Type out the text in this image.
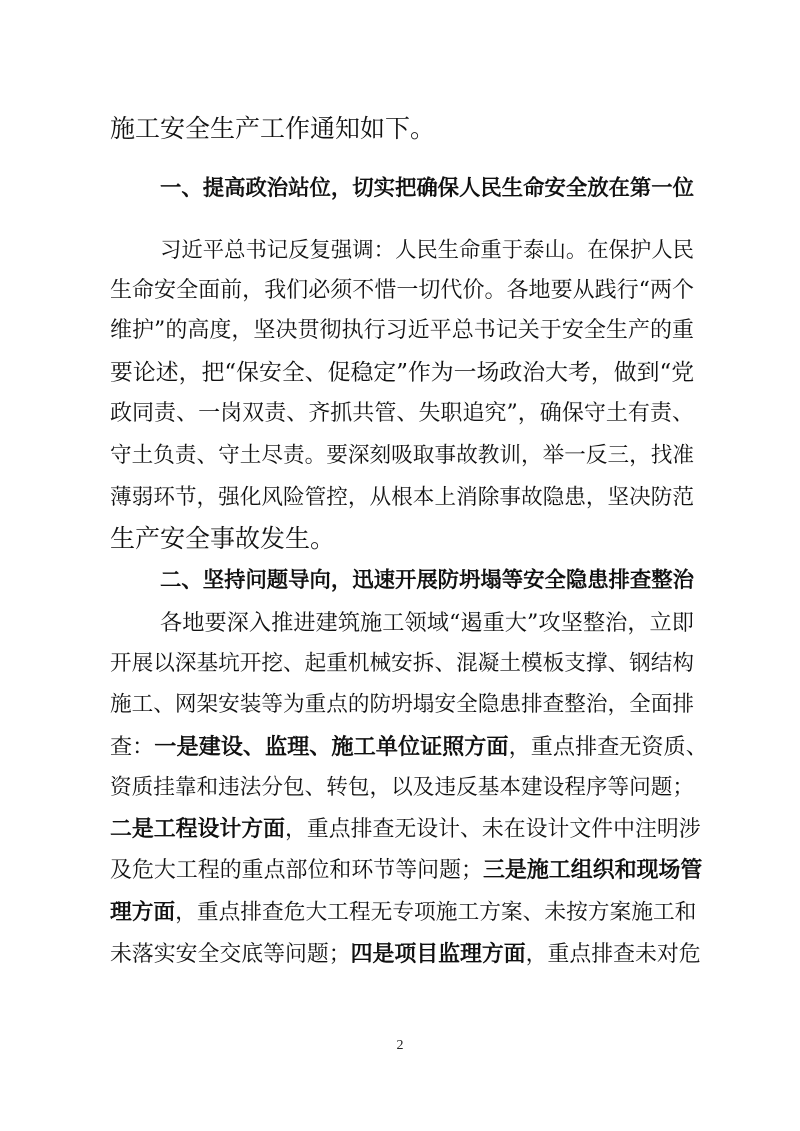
施工安全生产工作通知如下。
一、提高政治站位，切实把确保人民生命安全放在第一位
习近平总书记反复强调：人民生命重于泰山。在保护人民
生命安全面前，我们必须不惜一切代价。各地要从践行“两个
维护”的高度，坚决贯彻执行习近平总书记关于安全生产的重
要论述，把“保安全、促稳定”作为一场政治大考，做到“党
政同责、一岗双责、齐抓共管、失职追究”，确保守土有责、
守土负责、守土尽责。要深刻吸取事故教训，举一反三，找准
薄弱环节，强化风险管控，从根本上消除事故隐患，坚决防范
生产安全事故发生。
二、坚持问题导向，迅速开展防坍塌等安全隐患排查整治
各地要深入推进建筑施工领域“遏重大”攻坚整治，立即
开展以深基坑开挖、起重机械安拆、混凝土模板支撑、钢结构
施工、网架安装等为重点的防坍塌安全隐患排查整治，全面排
查：一是建设、监理、施工单位证照方面，重点排查无资质、
资质挂靠和违法分包、转包，以及违反基本建设程序等问题；
二是工程设计方面，重点排查无设计、未在设计文件中注明涉
及危大工程的重点部位和环节等问题；三是施工组织和现场管
理方面，重点排查危大工程无专项施工方案、未按方案施工和
未落实安全交底等问题；四是项目监理方面，重点排查未对危
2
